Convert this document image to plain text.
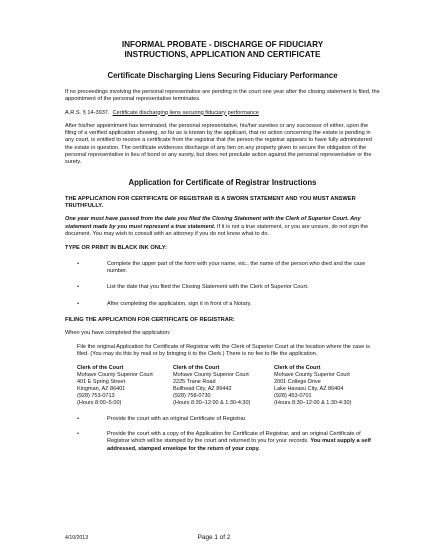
INFORMAL PROBATE - DISCHARGE OF FIDUCIARY
INSTRUCTIONS, APPLICATION AND CERTIFICATE
Certificate Discharging Liens Securing Fiduciary Performance
If no proceedings involving the personal representative are pending in the court one year after the closing statement is filed, the appointment of the personal representative terminates.
A.R.S. § 14-3937. Certificate discharging liens securing fiduciary performance
After his/her appointment has terminated, the personal representative, his/her sureties or any successor of either, upon the filing of a verified application showing, so far as is known by the applicant, that no action concerning the estate is pending in any court, is entitled to receive a certificate from the registrar that the person the registrar appears to have fully administered the estate in question. The certificate evidences discharge of any lien on any property given to secure the obligation of the personal representative in lieu of bond or any surety, but does not preclude action against the personal representative or the surety.
Application for Certificate of Registrar Instructions
THE APPLICATION FOR CERTIFICATE OF REGISTRAR IS A SWORN STATEMENT AND YOU MUST ANSWER TRUTHFULLY.
One year must have passed from the date you filed the Closing Statement with the Clerk of Superior Court. Any statement made by you must represent a true statement. If it is not a true statement, or you are unsure, do not sign the document. You may wish to consult with an attorney if you do not know what to do.
TYPE OR PRINT IN BLACK INK ONLY:
•	Complete the upper part of the form with your name, etc., the name of the person who died and the case number.
•	List the date that you filed the Closing Statement with the Clerk of Superior Court.
•	After completing the application, sign it in front of a Notary.
FILING THE APPLICATION FOR CERTIFICATE OF REGISTRAR:
When you have completed the application:
File the original Application for Certificate of Registrar with the Clerk of Superior Court at the location where the case is filed. (You may do this by mail or by bringing it to the Clerk.) There is no fee to file the application.
Clerk of the Court
Mohave County Superior Court
401 E Spring Street
Kingman, AZ 86401
(928) 753-0713
(Hours 8:00–5:00)
Clerk of the Court
Mohave County Superior Court
2225 Trane Road
Bullhead City, AZ 86442
(928) 758-0730
(Hours 8:30–12:00 & 1:30-4:30)
Clerk of the Court
Mohave County Superior Court
2001 College Drive
Lake Havasu City, AZ 86404
(928) 453-0701
(Hours 8:30–12:00 & 1:30-4:30)
•	Provide the court with an original Certificate of Registrar.
•	Provide the court with a copy of the Application for Certificate of Registrar, and an original Certificate of Registrar which will be stamped by the court and returned to you for your records. You must supply a self addressed, stamped envelope for the return of your copy.
4/10/2013	Page 1 of 2
